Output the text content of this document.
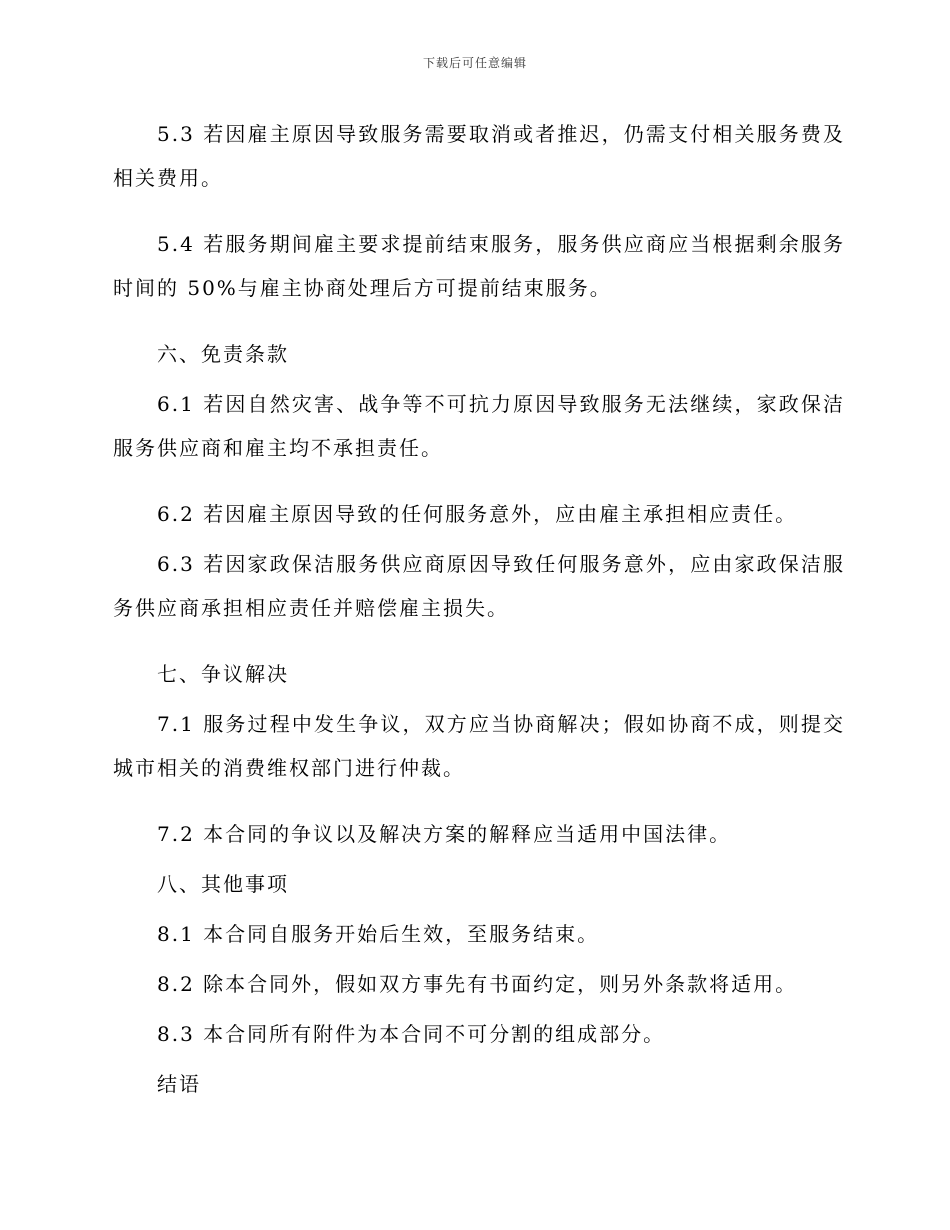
下载后可任意编辑

5.3 若因雇主原因导致服务需要取消或者推迟，仍需支付相关服务费及相关费用。

5.4 若服务期间雇主要求提前结束服务，服务供应商应当根据剩余服务时间的 50%与雇主协商处理后方可提前结束服务。

六、免责条款

6.1 若因自然灾害、战争等不可抗力原因导致服务无法继续，家政保洁服务供应商和雇主均不承担责任。

6.2 若因雇主原因导致的任何服务意外，应由雇主承担相应责任。

6.3 若因家政保洁服务供应商原因导致任何服务意外，应由家政保洁服务供应商承担相应责任并赔偿雇主损失。

七、争议解决

7.1 服务过程中发生争议，双方应当协商解决；假如协商不成，则提交城市相关的消费维权部门进行仲裁。

7.2 本合同的争议以及解决方案的解释应当适用中国法律。

八、其他事项

8.1 本合同自服务开始后生效，至服务结束。

8.2 除本合同外，假如双方事先有书面约定，则另外条款将适用。

8.3 本合同所有附件为本合同不可分割的组成部分。

结语
